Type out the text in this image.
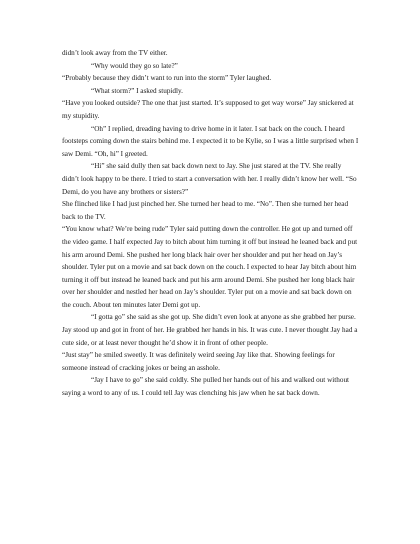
didn’t look away from the TV either.

“Why would they go so late?”

“Probably because they didn’t want to run into the storm” Tyler laughed.

“What storm?” I asked stupidly.

“Have you looked outside? The one that just started. It’s supposed to get way worse” Jay snickered at my stupidity.

“Oh” I replied, dreading having to drive home in it later. I sat back on the couch. I heard footsteps coming down the stairs behind me. I expected it to be Kylie, so I was a little surprised when I saw Demi. “Oh, hi” I greeted.

“Hi” she said dully then sat back down next to Jay. She just stared at the TV. She really didn’t look happy to be there. I tried to start a conversation with her. I really didn’t know her well. “So Demi, do you have any brothers or sisters?”

She flinched like I had just pinched her. She turned her head to me. “No”. Then she turned her head back to the TV.

“You know what? We’re being rude” Tyler said putting down the controller. He got up and turned off the video game. I half expected Jay to bitch about him turning it off but instead he leaned back and put his arm around Demi. She pushed her long black hair over her shoulder and put her head on Jay’s shoulder. Tyler put on a movie and sat back down on the couch. I expected to hear Jay bitch about him turning it off but instead he leaned back and put his arm around Demi. She pushed her long black hair over her shoulder and nestled her head on Jay’s shoulder. Tyler put on a movie and sat back down on the couch. About ten minutes later Demi got up.

“I gotta go” she said as she got up. She didn’t even look at anyone as she grabbed her purse. Jay stood up and got in front of her. He grabbed her hands in his. It was cute. I never thought Jay had a cute side, or at least never thought he’d show it in front of other people.

“Just stay” he smiled sweetly. It was definitely weird seeing Jay like that. Showing feelings for someone instead of cracking jokes or being an asshole.

“Jay I have to go” she said coldly. She pulled her hands out of his and walked out without saying a word to any of us. I could tell Jay was clenching his jaw when he sat back down.
